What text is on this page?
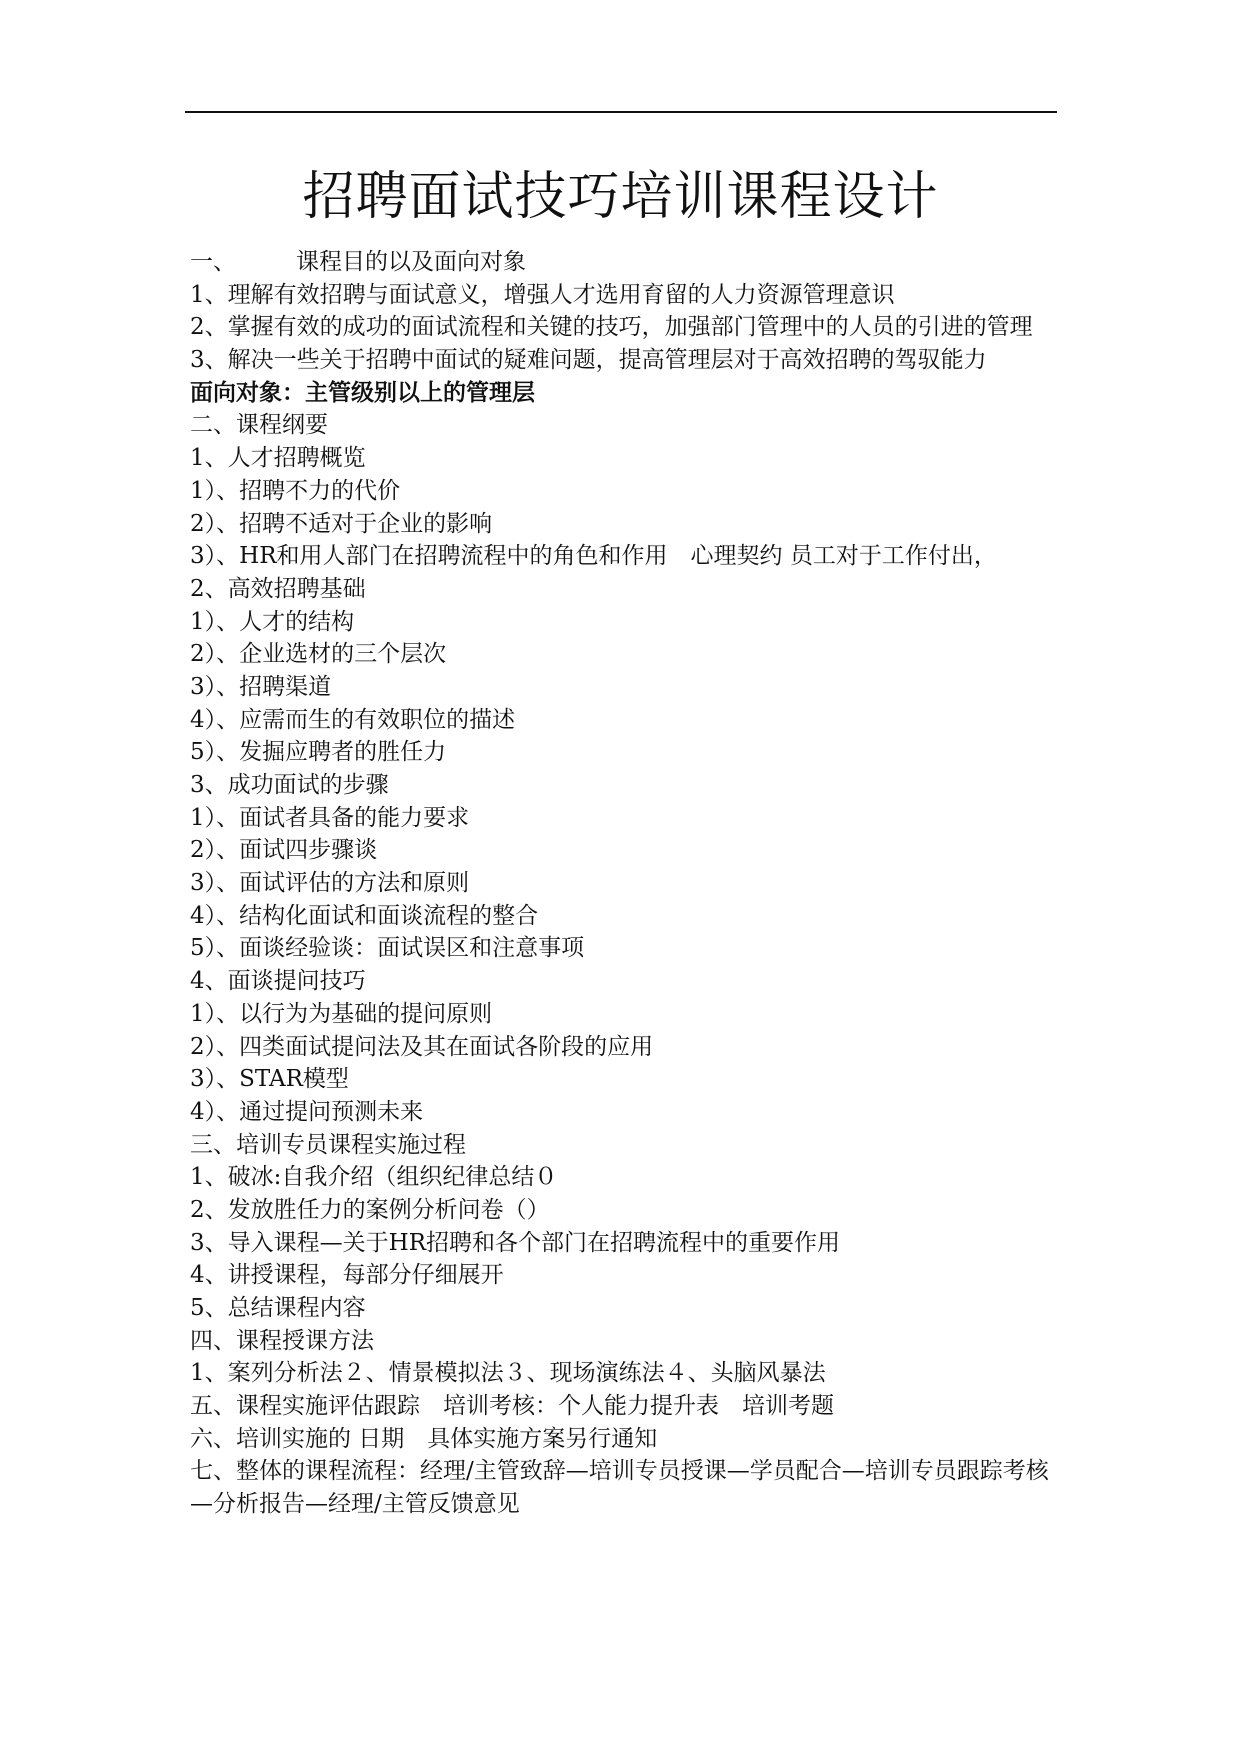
招聘面试技巧培训课程设计
一、	课程目的以及面向对象
1、理解有效招聘与面试意义，增强人才选用育留的人力资源管理意识
2、掌握有效的成功的面试流程和关键的技巧，加强部门管理中的人员的引进的管理
3、解决一些关于招聘中面试的疑难问题，提高管理层对于高效招聘的驾驭能力
面向对象：主管级别以上的管理层
二、课程纲要
1、人才招聘概览
1）、招聘不力的代价
2）、招聘不适对于企业的影响
3）、HR和用人部门在招聘流程中的角色和作用　心理契约 员工对于工作付出，
2、高效招聘基础
1）、人才的结构
2）、企业选材的三个层次
3）、招聘渠道
4）、应需而生的有效职位的描述
5）、发掘应聘者的胜任力
3、成功面试的步骤
1）、面试者具备的能力要求
2）、面试四步骤谈
3）、面试评估的方法和原则
4）、结构化面试和面谈流程的整合
5）、面谈经验谈：面试误区和注意事项
4、面谈提问技巧
1）、以行为为基础的提问原则
2）、四类面试提问法及其在面试各阶段的应用
3）、STAR模型
4）、通过提问预测未来
三、培训专员课程实施过程
1、破冰:自我介绍（组织纪律总结０
2、发放胜任力的案例分析问卷（）
3、导入课程—关于HR招聘和各个部门在招聘流程中的重要作用
4、讲授课程，每部分仔细展开
5、总结课程内容
四、课程授课方法
1、案列分析法２、情景模拟法３、现场演练法４、头脑风暴法
五、课程实施评估跟踪　培训考核：个人能力提升表　培训考题
六、培训实施的 日期　具体实施方案另行通知
七、整体的课程流程：经理/主管致辞—培训专员授课—学员配合—培训专员跟踪考核—分析报告—经理/主管反馈意见
